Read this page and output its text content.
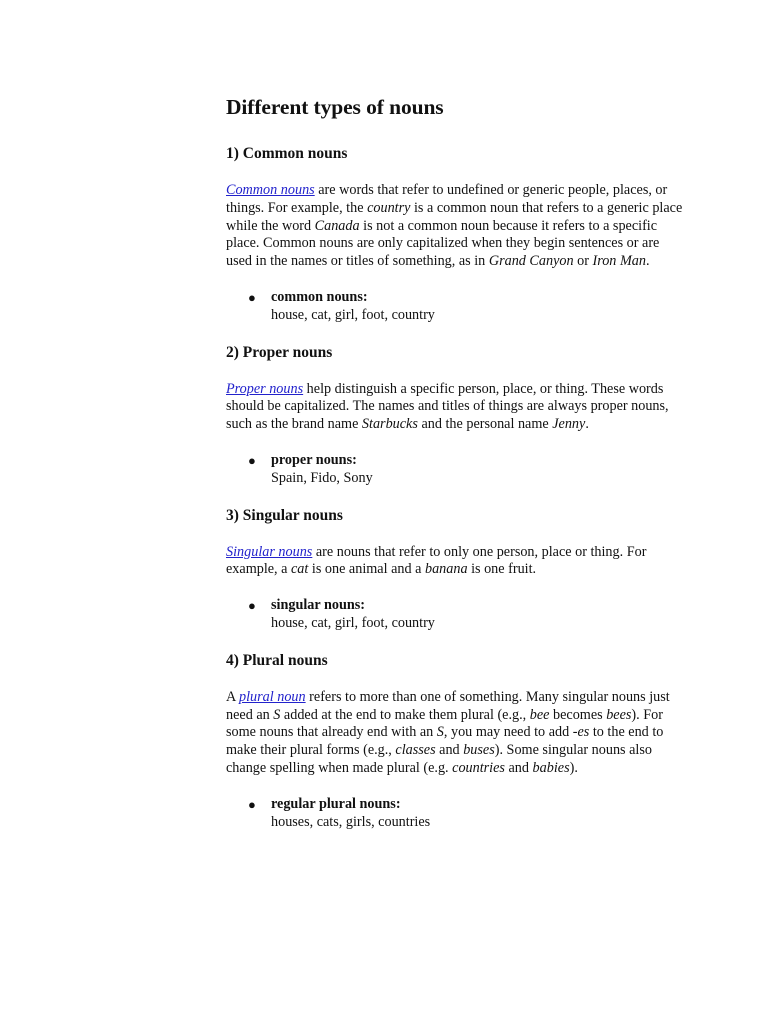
Different types of nouns
1) Common nouns

Common nouns are words that refer to undefined or generic people, places, or things. For example, the country is a common noun that refers to a generic place while the word Canada is not a common noun because it refers to a specific place. Common nouns are only capitalized when they begin sentences or are used in the names or titles of something, as in Grand Canyon or Iron Man.

● common nouns:
house, cat, girl, foot, country
2) Proper nouns

Proper nouns help distinguish a specific person, place, or thing. These words should be capitalized. The names and titles of things are always proper nouns, such as the brand name Starbucks and the personal name Jenny.

● proper nouns:
Spain, Fido, Sony
3) Singular nouns

Singular nouns are nouns that refer to only one person, place or thing. For example, a cat is one animal and a banana is one fruit.

● singular nouns:
house, cat, girl, foot, country
4) Plural nouns

A plural noun refers to more than one of something. Many singular nouns just need an S added at the end to make them plural (e.g., bee becomes bees). For some nouns that already end with an S, you may need to add -es to the end to make their plural forms (e.g., classes and buses). Some singular nouns also change spelling when made plural (e.g. countries and babies).

● regular plural nouns:
houses, cats, girls, countries
